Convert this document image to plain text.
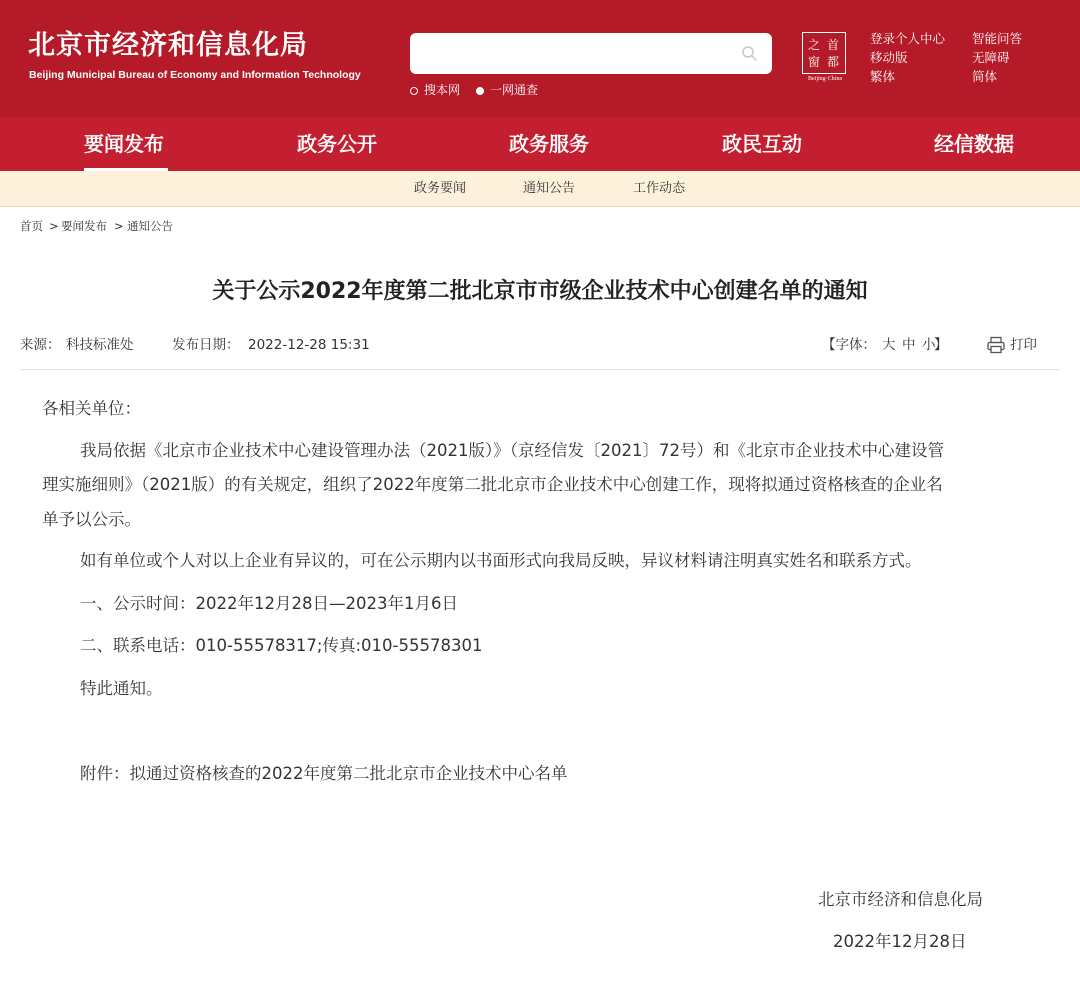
北京市经济和信息化局
Beijing Municipal Bureau of Economy and Information Technology
搜本网	一网通查
之 首
窗 都
Beijing·China
登录个人中心 智能问答
移动版	无障碍
繁体	简体
要闻发布	政务公开	政务服务	政民互动	经信数据
政务要闻	通知公告	工作动态
首页 > 要闻发布 > 通知公告
关于公示2022年度第二批北京市市级企业技术中心创建名单的通知
来源： 科技标准处	发布日期： 2022-12-28 15:31	【字体： 大 中 小
】	打印
各相关单位：
我局依据《北京市企业技术中心建设管理办法（2021版）》（京经信发〔2021〕72号）和《北京市企业技术中心建设管
理实施细则》（2021版）的有关规定，组织了2022年度第二批北京市企业技术中心创建工作，现将拟通过资格核查的企业名
单予以公示。
如有单位或个人对以上企业有异议的，可在公示期内以书面形式向我局反映，异议材料请注明真实姓名和联系方式。
一、公示时间：2022年12月28日—2023年1月6日
二、联系电话：010-55578317;传真:010-55578301
特此通知。
附件：拟通过资格核查的2022年度第二批北京市企业技术中心名单
北京市经济和信息化局
2022年12月28日
